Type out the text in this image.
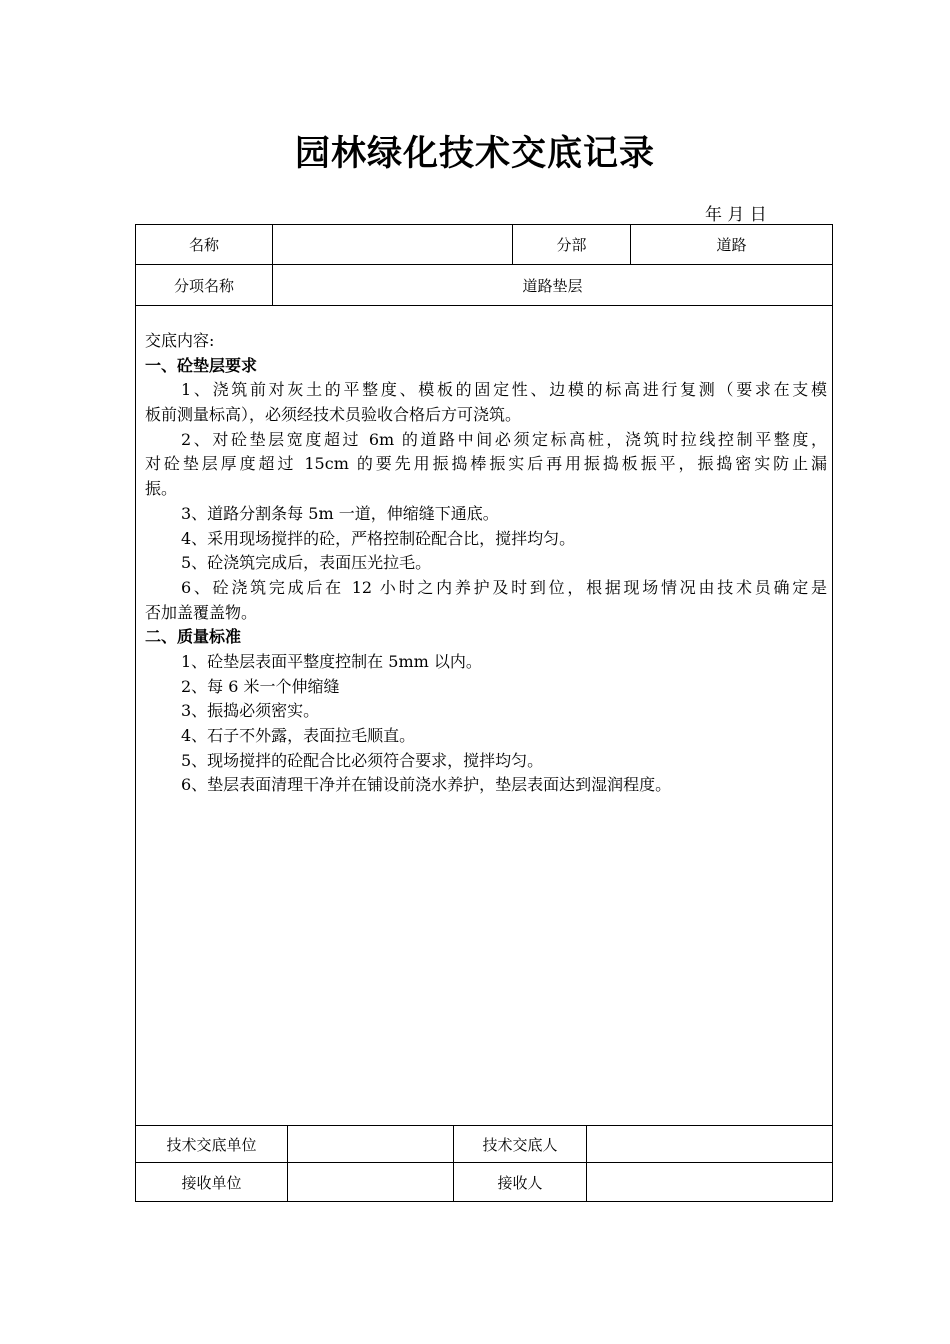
园林绿化技术交底记录
年 月 日
名称	分部	道路
分项名称	道路垫层
交底内容:
一、砼垫层要求
1、浇筑前对灰土的平整度、模板的固定性、边模的标高进行复测（要求在支模
板前测量标高），必须经技术员验收合格后方可浇筑。
2、对砼垫层宽度超过 6m 的道路中间必须定标高桩，浇筑时拉线控制平整度，
对砼垫层厚度超过 15cm 的要先用振捣棒振实后再用振捣板振平，振捣密实防止漏
振。
3、道路分割条每 5m 一道，伸缩缝下通底。
4、采用现场搅拌的砼，严格控制砼配合比，搅拌均匀。
5、砼浇筑完成后，表面压光拉毛。
6、砼浇筑完成后在 12 小时之内养护及时到位，根据现场情况由技术员确定是
否加盖覆盖物。
二、质量标准
1、砼垫层表面平整度控制在 5mm 以内。
2、每 6 米一个伸缩缝
3、振捣必须密实。
4、石子不外露，表面拉毛顺直。
5、现场搅拌的砼配合比必须符合要求，搅拌均匀。
6、垫层表面清理干净并在铺设前浇水养护，垫层表面达到湿润程度。
技术交底单位	技术交底人
接收单位	接收人
